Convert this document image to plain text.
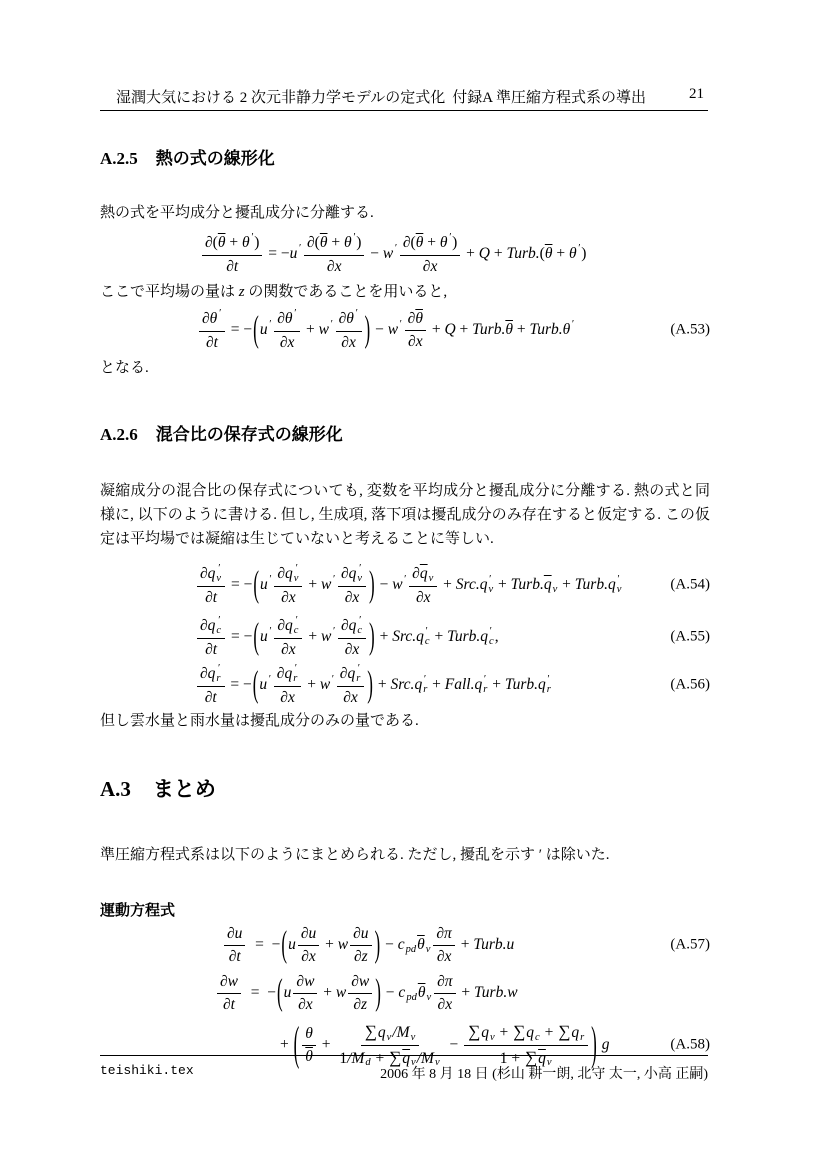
湿潤大気における 2 次元非静力学モデルの定式化 付録A 準圧縮方程式系の導出	21
A.2.5 熱の式の線形化
熱の式を平均成分と擾乱成分に分離する.
$\partial(\overline{\theta} + \theta$ ′
)
∂t = − u ′
$\partial(\overline{\theta} + \theta$ ′
)
∂x − w ′
$\partial(\overline{\theta} + \theta$ ′
)
∂x + Q + Turb. ( $\overline{\theta} + \theta$ ′
)
ここで平均場の量は z の関数であることを用いると,
$\frac{\partial \theta '}{\partial t}$ = − ( u ′
$\frac{\partial \theta '}{\partial x} + w$ ′
$\frac{\partial \theta '}{\partial x}$ ) − w ′
$\frac{\partial\overline{\theta}}{\partial x} + Q$ + Turb. $\overline{\theta}$ + Turb. θ ′
	(A.53)
となる.
A.2.6 混合比の保存式の線形化
凝縮成分の混合比の保存式についても, 変数を平均成分と擾乱成分に分離する. 熱の式と同様に, 以下のように書ける. 但し, 生成項, 落下項は擾乱成分のみ存在すると仮定する. この仮定は平均場では凝縮は生じていないと考えることに等しい.
∂ q ′
v
∂t = − ( u ′
∂ q ′
v
∂x + w ′
∂ q ′
v
∂x ) − w ′
∂ $\overline{q}$
v
∂x + Src. q ′
v + Turb. $\overline{q}$
v + Turb. q ′
v	(A.54)
∂ q ′
c
∂t = − ( u ′
∂ q ′
c
∂x + w ′
∂ q ′
c
∂x ) + Src. q ′
c + Turb. q ′
c ,	(A.55)
∂ q ′
r
∂t = − ( u ′
∂ q ′
r
∂x + w ′
∂ q ′
r
∂x ) + Src. q ′
r + Fall. q ′
r + Turb. q ′
r	(A.56)
但し雲水量と雨水量は擾乱成分のみの量である.
A.3 まとめ
準圧縮方程式系は以下のようにまとめられる. ただし, 擾乱を示す ′ は除いた.
運動方程式
$\frac{\partial u}{\partial t}$ =  − ( u $\frac{\partial u}{\partial x} + w \frac{\partial u}{\partial z}$ ) − c
pd $\overline{\theta}$
v $\frac{\partial\pi}{\partial x}$ + Turb.u	(A.57)
$\frac{\partial w}{\partial t}$ =  − ( u $\frac{\partial w}{\partial x} + w \frac{\partial w}{\partial z}$ ) − c
pd $\overline{\theta}$
v $\frac{\partial\pi}{\partial x}$ + Turb.w
+ ( $\frac{\theta}{\theta}$ + ∑ q
v / M
v
1/ M
d + ∑ $\overline{q}$
v / M
v − ∑ q
v + ∑ q
c + ∑ q
r
1 + ∑ $\overline{q}$
v )
g	(A.58)
teishiki.tex	2006 年 8 月 18 日 (杉山 耕一朗, 北守 太一, 小高 正嗣)
